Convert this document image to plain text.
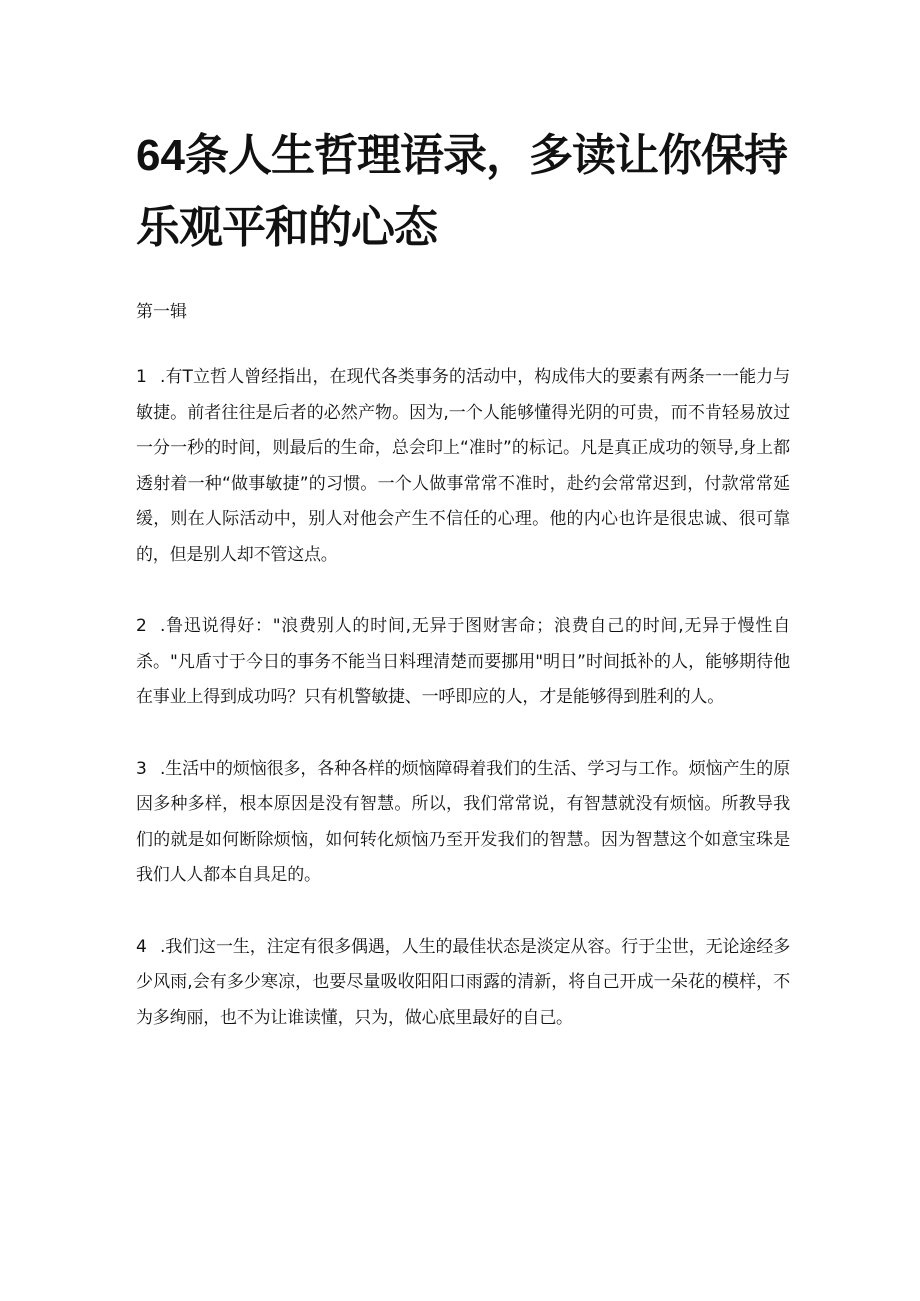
64条人生哲理语录，多读让你保持乐观平和的心态
第一辑

1 .有T立哲人曾经指出，在现代各类事务的活动中，构成伟大的要素有两条一一能力与敏捷。前者往往是后者的必然产物。因为,一个人能够懂得光阴的可贵，而不肯轻易放过一分一秒的时间，则最后的生命，总会印上“准时”的标记。凡是真正成功的领导,身上都透射着一种“做事敏捷”的习惯。一个人做事常常不准时，赴约会常常迟到，付款常常延缓，则在人际活动中，别人对他会产生不信任的心理。他的内心也许是很忠诚、很可靠的，但是别人却不管这点。

2 .鲁迅说得好："浪费别人的时间,无异于图财害命；浪费自己的时间,无异于慢性自杀。"凡盾寸于今日的事务不能当日料理清楚而要挪用"明日”时间抵补的人，能够期待他在事业上得到成功吗？只有机警敏捷、一呼即应的人，才是能够得到胜利的人。

3 .生活中的烦恼很多，各种各样的烦恼障碍着我们的生活、学习与工作。烦恼产生的原因多种多样，根本原因是没有智慧。所以，我们常常说，有智慧就没有烦恼。所教导我们的就是如何断除烦恼，如何转化烦恼乃至开发我们的智慧。因为智慧这个如意宝珠是我们人人都本自具足的。

4 .我们这一生，注定有很多偶遇，人生的最佳状态是淡定从容。行于尘世，无论途经多少风雨,会有多少寒凉，也要尽量吸收阳阳口雨露的清新，将自己开成一朵花的模样，不为多绚丽，也不为让谁读懂，只为，做心底里最好的自己。
